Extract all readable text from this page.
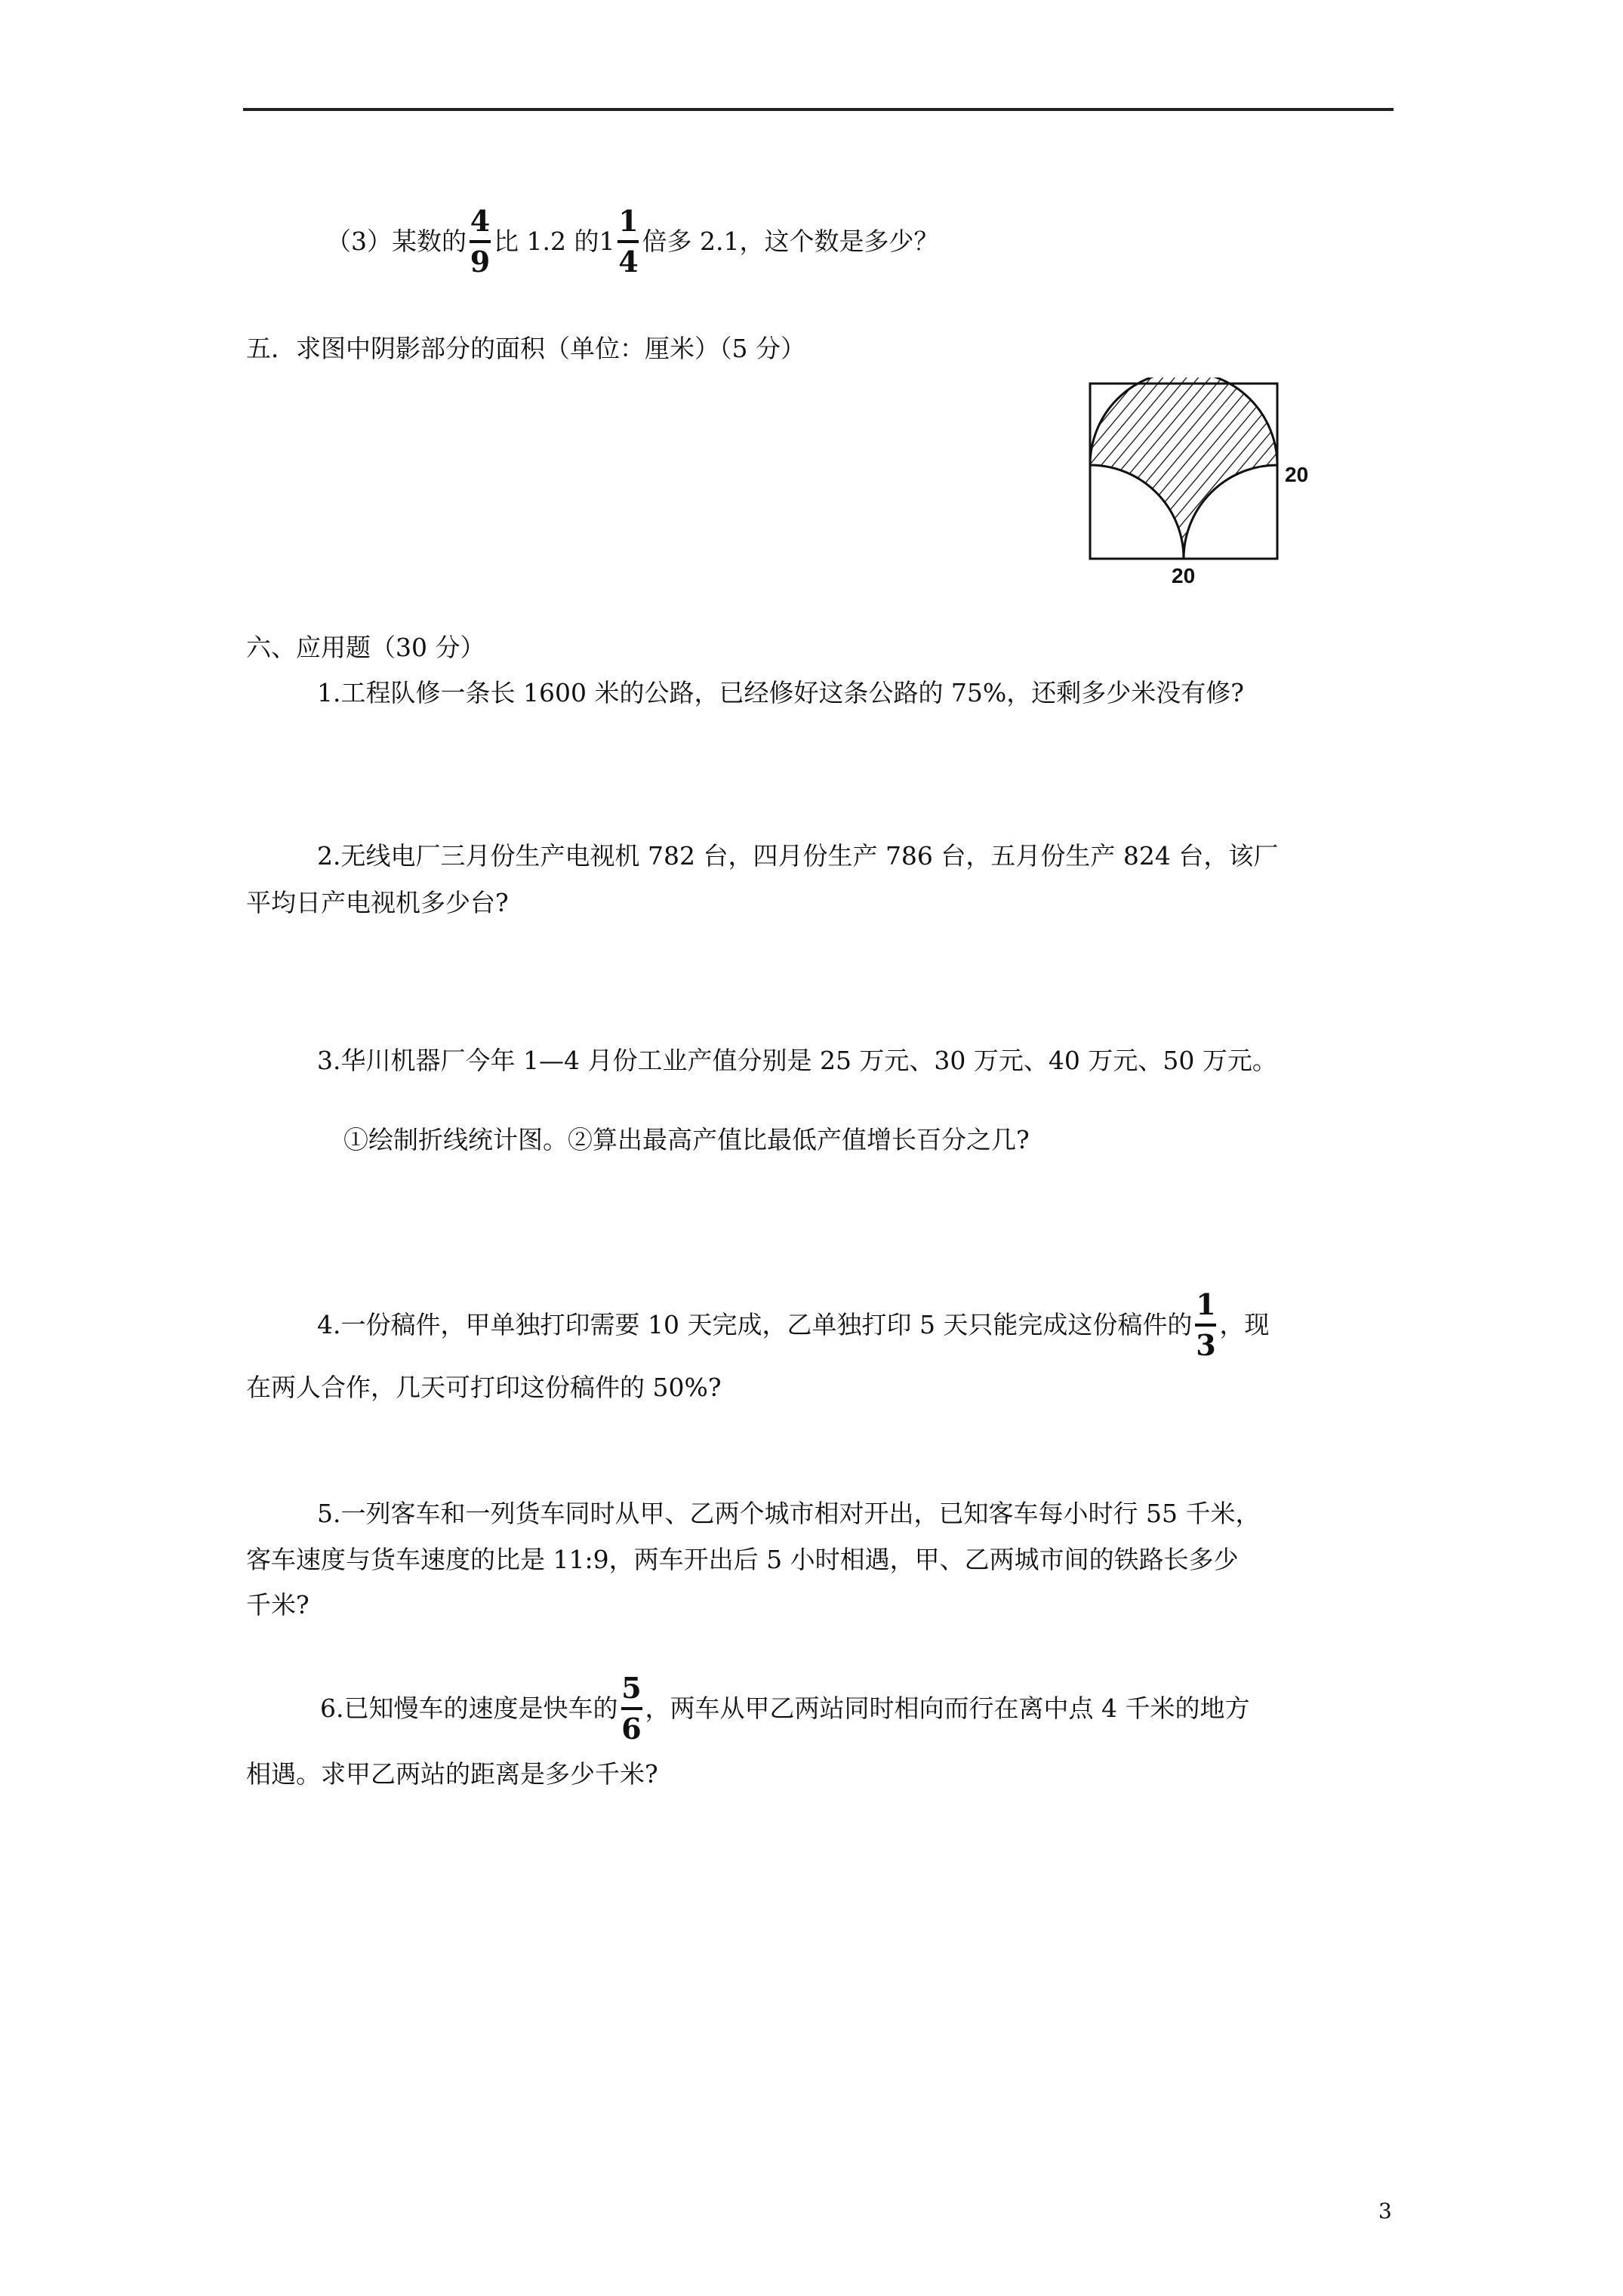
（3）某数的 $\frac{4}{9}$ 比 1.2 的 $1 \frac{1}{4}$ 倍多 2.1，这个数是多少？
五．求图中阴影部分的面积（单位：厘米）（5 分）
20
20
六、应用题（30 分）
1.工程队修一条长 1600 米的公路，已经修好这条公路的 75%，还剩多少米没有修?
2.无线电厂三月份生产电视机 782 台，四月份生产 786 台，五月份生产 824 台，该厂
平均日产电视机多少台?
3.华川机器厂今年 1—4 月份工业产值分别是 25 万元、30 万元、40 万元、50 万元。
①绘制折线统计图。②算出最高产值比最低产值增长百分之几?
4.一份稿件，甲单独打印需要 10 天完成，乙单独打印 5 天只能完成这份稿件的 $\frac{1}{3}$ ，现
在两人合作，几天可打印这份稿件的 50%?
5.一列客车和一列货车同时从甲、乙两个城市相对开出，已知客车每小时行 55 千米，
客车速度与货车速度的比是 11:9，两车开出后 5 小时相遇，甲、乙两城市间的铁路长多少
千米?
6.已知慢车的速度是快车的 $\frac{5}{6}$ ，两车从甲乙两站同时相向而行在离中点 4 千米的地方
相遇。求甲乙两站的距离是多少千米?
3
